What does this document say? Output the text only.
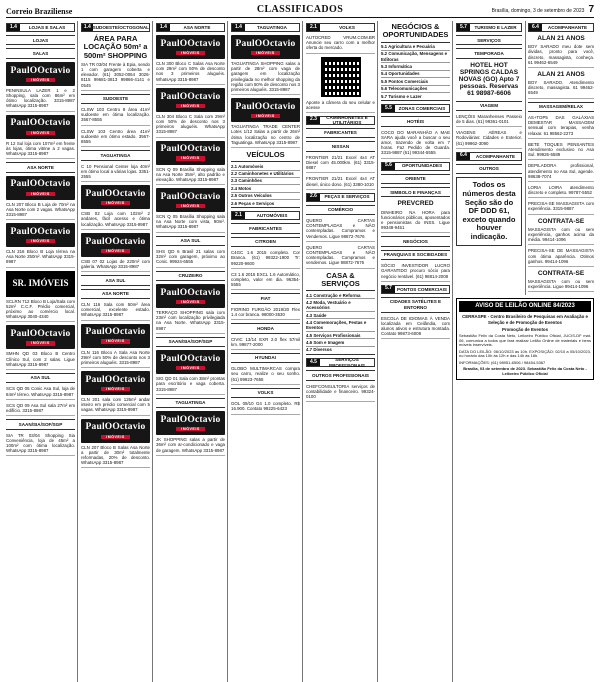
Correio Braziliense	CLASSIFICADOS	Brasília, domingo, 3 de setembro de 2023 7
1.4	LOJAS E SALAS
LOJAS
SALAS
PaulOOctavio
IMÓVEIS
PENINSULA LAZER 1 e 2 Shopping, sala com 86m² em ótimo localização. 3315-8987 WhatsApp 3315-8987
PaulOOctavio
IMÓVEIS
R 12 Sul loja com 107m² em frente às lojas, ótima vitrine a 2 vagas. WhatsApp 3315-8987
ASA NORTE
PaulOOctavio
IMÓVEIS
CLN 207 Bloco B Loja de 70m² na Asa Norte com 2 vagas. WhatsApp 3315-8987
PaulOOctavio
IMÓVEIS
CLN 316 Bloco B Loja térrea na Asa Norte 250m². WhatsApp 3315-8987
SR. IMÓVEIS
SCLRN 712 Bloco B Loja/Sala com 52m² C.C.F. Prédio comercial, próximo ao comércio local. WhatsApp 3040-4340
PaulOOctavio
IMÓVEIS
SMHN QD 03 Bloco B Centro Clínico Sul, com 2 salas. Ligue WhatsApp 3315-8987
ASA SUL
SCS QD 05 Conic Asa Sul, loja de 84m² térreo. WhatsApp 3315-8987
SCS QD 09 Asa Sul sala 27m² em edifício. 3315-8987
SAAN/SIA/SOF/SGP
SIA TR 03/04 Shopping Sia Conveniência, loja de 45m² a 100m² com ótima localização. WhatsApp 3315-8987
1.4 SUDOESTE/OCTOGONAL
ÁREA PARA LOCAÇÃO 50m² a 500m² SHOPPING
SIA TR 03/04 Frente à Epia, sendo 1 com garagem coberta e elevador. (61) 3052-0064 3026-8115 99681-3813 99866-4141 e 0545
SUDOESTE
CLSW 103 Centro 8 área 41m² sudoeste em ótima localização. 3567-8555
CLSW 103 Centro área 41m² sudoeste em ótimo estado. 3567-8555
TAGUATINGA
C 10 Pensional Center loja 40m² em ótimo local a várias lojas. 3351-2555
PaulOOctavio
IMÓVEIS
CSB 02 Loja com 102m² 2 andares, fácil acesso e ótima localização. WhatsApp 3315-8987
PaulOOctavio
IMÓVEIS
CSB 07 02 Lojas de 220m² com galeria. WhatsApp 3315-8987
ASA SUL
ASA NORTE
CLN 116 Sala com 50m² área comercial, excelente estado. WhatsApp 3315-8987
PaulOOctavio
IMÓVEIS
CLN 116 Bloco A Sala Asa Norte 29m² com 50% de desconto nos 3 primeiros aluguéis. 3315-8987
PaulOOctavio
IMÓVEIS
CLN 201 sala com 126m² andar inteiro em prédio comercial com 5 vagas. WhatsApp 3315-8987
PaulOOctavio
IMÓVEIS
CLN 207 Bloco B Salas Asa Norte a partir de 30m² totalmente reformadas, 20% de desconto. WhatsApp 3315-8987
1.4	ASA NORTE
PaulOOctavio
IMÓVEIS
CLN 300 Bloco C Salas Asa Norte com 29m² com 50% de desconto nos 3 primeiros aluguéis. WhatsApp 3315-8987
PaulOOctavio
IMÓVEIS
CLN 304 Bloco C Sala com 29m² com 50% de desconto nos 3 primeiros aluguéis. WhatsApp 3315-8987
PaulOOctavio
IMÓVEIS
SCN Q 09 Brasília Shopping sala na Asa Norte 35m², alto padrão e elevação. WhatsApp 3315-8987
PaulOOctavio
IMÓVEIS
SCN Q 05 Brasília Shopping sala na Asa Norte com vista, 90m². WhatsApp 3315-8987
ASA SUL
SHS QD 6 Brasil 21 salas com 32m² com garagem, próximo ao Conic. 99924-6555
CRUZEIRO
PaulOOctavio
IMÓVEIS
TERRAÇO SHOPPING sala com 23m² com localização privilegiada na Asa Norte. WhatsApp 3315-8987
SAAN/SIA/SOF/SGP
PaulOOctavio
IMÓVEIS
SIG QD 01 Sala com 38m² prontas para escritório e vaga coberta. 3315-8987
TAGUATINGA
PaulOOctavio
IMÓVEIS
JK SHOPPING salas a partir de 36m² com ar-condicionado e vaga de garagem. WhatsApp 3315-8987
1.4	TAGUATINGA
PaulOOctavio
IMÓVEIS
TAGUATINGA SHOPPING salas a partir de 28m² com vaga de garagem em localização privilegiada no melhor shopping da região com 50% de desconto nos 3 primeiros aluguéis. 3315-8987
PaulOOctavio
IMÓVEIS
TAGUATINGA TRADE CENTER Lotes 1/12 Salas a partir de 26m² ótima localização no centro de Taguatinga. WhatsApp 3315-8987
VEÍCULOS
2.1 Automóveis
2.2 Caminhonetes e Utilitários
2.3 Caminhões
2.4 Motos
2.5 Outros Veículos
2.6 Peças e Serviços
2.1	AUTOMÓVEIS
FABRICANTES
CITROEN
C4GC 1.6 2015 completo. Cor Branca. (61) 99322-1900 Tr: 99220-9600
C3 1.6 2015 EXCL 1.6 Automático, completo, valor em dia. 96354-5555
FIAT
FIORINO FURGÃO 2019/20 Flex 1.4 cor branca. 98000-3530
HONDA
CIVIC 13/14 EXR 2.0 flex 57mil km. 99877-2000
HYUNDAI
GLOBO MULTIMARCAS compra seu carro, realize o seu sonho. (61) 99923-7655
VOLKS
GOL 09/10 G4 1.0 completo. R$ 16.900. Contato 99225-6423
2.1	VOLKS
AUTOCRED VRUM.COM.BR Anuncie seu carro com a melhor oferta do mercado.
Aponte a câmera do seu celular e acesse
2.3	CAMINHONETES E UTILITÁRIOS
FABRICANTES
NISSAN
FRONTIER 21/21 Excel 4x4 AT Diesel com 45.000km. (61) 3315-9887
FRONTIER 21/21 Excel 4x4 AT diesel, único dono. (61) 3380-1010
2.6	PEÇAS E SERVIÇOS
COMÉRCIO
QUERO CARTAS CONTEMPLADAS e NÃO contempladas. Compramos e Vendemos. Ligue 98872-7676
QUERO CARTAS CONTEMPLADAS e NÃO contempladas. Compramos e vendemos. Ligue 98872-7676
CASA & SERVIÇOS
4.1 Construção e Reforma
4.2 Moda, Vestuário e Acessórios
4.3 Saúde
4.4 Comemorações, Festas e Eventos
4.5 Serviços Profissionais
4.6 Som e Imagem
4.7 Diversos
4.5	SERVIÇOS PROFISSIONAIS
OUTROS PROFISSIONAIS
CHEFCONSULTORIA serviços de contabilidade e financeiro. 99324-0100
NEGÓCIOS & OPORTUNIDADES
5.1 Agricultura e Pecuária
5.2 Comunicação, Mensagens e Editoras
5.3 Informática
5.4 Oportunidades
5.5 Pontos Comerciais
5.6 Telecomunicações
5.7 Turismo e Lazer
5.5	ZONAS COMERCIAIS
HOTÉIS
COCO DO MARANHÃO A MAE SARA ajuda você a buscar o seu amor, trazendo de volta em 7 horas. Faz Pedido de Guarda. 3315-9887 (61) 99344-5555
5.6	OPORTUNIDADES
ORIENTE
SIMBOLO E FINANÇAS
PREVCRED
DINHEIRO NA HORA para funcionários públicos, aposentados e pensionistas do INSS. Ligue 99348-9451
NEGÓCIOS
FRANQUIAS E SOCIEDADES
SÓCIO INVESTIDOR LUCRO GARANTIDO procuro sócio para negócio rentável. (61) 98814-2008
5.7	PONTOS COMERCIAIS
CIDADES SATÉLITES E ENTORNO
ESCOLA DE IDIOMAS À VENDA localizada em Ceilândia, com alunos ativos e estrutura montada. Contato 99873-6008
5.7	TURISMO E LAZER
SERVIÇOS
TEMPORADA
HOTEL HOT SPRINGS CALDAS NOVAS (GO) Apto 7 pessoas. Reservas 61 98987-6606
VIAGEM
LENÇÓIS Maranhenses Passeio de 5 dias. (61) 99361-0101
VIAGENS AÉREAS e Rodoviárias: Cidades e Exterior. (61) 99962-3090
6.4	ACOMPANHANTE
OUTROS
Todos os números desta Seção são do DF DDD 61, exceto quando houver indicação.
6.4	ACOMPANHANTE
ALAN 21 ANOS
BOY SARADO meu dote sem dividas, pronto para você, discreto, massagista, conheça. 61 99462-6549
ALAN 21 ANOS
BOY SARADO. Atendimento discreto, massagista. 61 99462-6549
MASSAGEM/RELAX
AS+TOP5 DAS GALÁXIAS DEMESTAR MASSAGEM sensual com terapias, venha relaxar. 61 98562-2273
BETE TOQUES PENSANTES Atendimento exclusivo no Asa Sul. 99926-5589
DEPILADORA profissional, atendimento no Asa Sul, agende. 98638-7074
LORIA LOIRA atendimento discreto e completo. 99787-5552
PRECISA-SE MASSAGISTA com experiência. 3315-9887
CONTRATA-SE
MASSAGISTA com ou sem experiência, ganhos acima da média. 99414-1096
PRECISA-SE DE MASSAGISTA com ótima aparência. Otimos ganhos. 99414-1096
CONTRATA-SE
MASSAGISTA com ou sem experiência. Ligue 99414-1096
AVISO DE LEILÃO ONLINE 84/2023
CERRASPE - Centro Brasileiro de Pesquisas em Avaliação e Seleção e de Promoção de Eventos
Promoção de Eventos

Sebastião Felix da Costa Neto, Leiloeiro Público Oficial, JUCIS-DF mat. 06, comunica a todos que fará realizar Leilão Online de materiais e bens móveis inservíveis.

DATA DO LEILÃO: 06/10/2023 às 10h. EXPOSIÇÃO: 02/10 a 05/10/2023, no horário das 10h às 12h e das 14h às 16h.

INFORMAÇÕES: (61) 98951-6506 / 98454-5367

Brasília, 03 de setembro de 2023. Sebastião Felix da Costa Neto - Leiloeiro Público Oficial
